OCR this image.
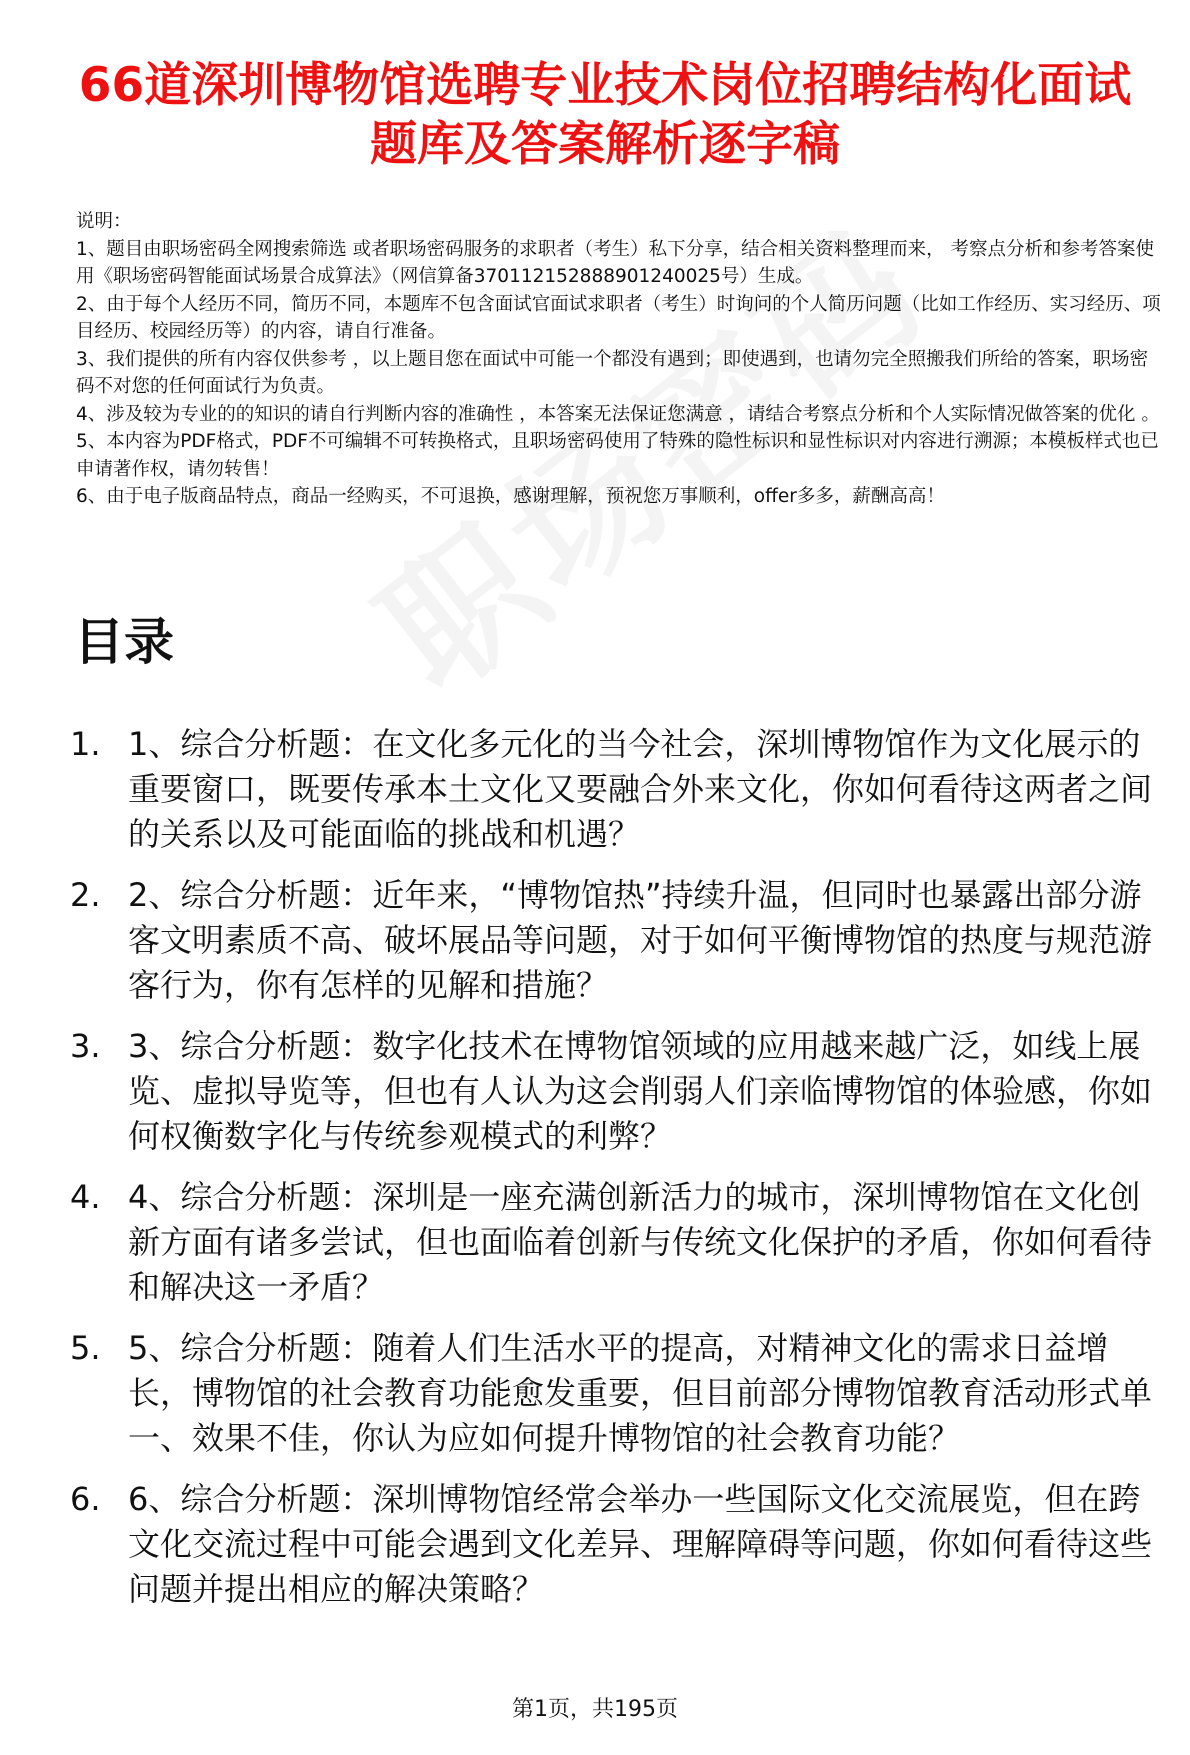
66道深圳博物馆选聘专业技术岗位招聘结构化面试题库及答案解析逐字稿

说明：

1、题目由职场密码全网搜索筛选 或者职场密码服务的求职者（考生）私下分享，结合相关资料整理而来， 考察点分析和参考答案使用《职场密码智能面试场景合成算法》（网信算备370112152888901240025号）生成。

2、由于每个人经历不同，简历不同，本题库不包含面试官面试求职者（考生）时询问的个人简历问题（比如工作经历、实习经历、项目经历、校园经历等）的内容，请自行准备。

3、我们提供的所有内容仅供参考 ，以上题目您在面试中可能一个都没有遇到；即使遇到，也请勿完全照搬我们所给的答案，职场密码不对您的任何面试行为负责。

4、涉及较为专业的的知识的请自行判断内容的准确性 ，本答案无法保证您满意 ，请结合考察点分析和个人实际情况做答案的优化 。

5、本内容为PDF格式，PDF不可编辑不可转换格式，且职场密码使用了特殊的隐性标识和显性标识对内容进行溯源；本模板样式也已申请著作权，请勿转售！

6、由于电子版商品特点，商品一经购买，不可退换，感谢理解，预祝您万事顺利，offer多多，薪酬高高！

目录
1. 1、综合分析题：在文化多元化的当今社会，深圳博物馆作为文化展示的重要窗口，既要传承本土文化又要融合外来文化，你如何看待这两者之间的关系以及可能面临的挑战和机遇？
2. 2、综合分析题：近年来，“博物馆热”持续升温，但同时也暴露出部分游客文明素质不高、破坏展品等问题，对于如何平衡博物馆的热度与规范游客行为，你有怎样的见解和措施？
3. 3、综合分析题：数字化技术在博物馆领域的应用越来越广泛，如线上展览、虚拟导览等，但也有人认为这会削弱人们亲临博物馆的体验感，你如何权衡数字化与传统参观模式的利弊？
4. 4、综合分析题：深圳是一座充满创新活力的城市，深圳博物馆在文化创新方面有诸多尝试，但也面临着创新与传统文化保护的矛盾，你如何看待和解决这一矛盾？
5. 5、综合分析题：随着人们生活水平的提高，对精神文化的需求日益增长，博物馆的社会教育功能愈发重要，但目前部分博物馆教育活动形式单一、效果不佳，你认为应如何提升博物馆的社会教育功能？
6. 6、综合分析题：深圳博物馆经常会举办一些国际文化交流展览，但在跨文化交流过程中可能会遇到文化差异、理解障碍等问题，你如何看待这些问题并提出相应的解决策略？
第1页，共195页
